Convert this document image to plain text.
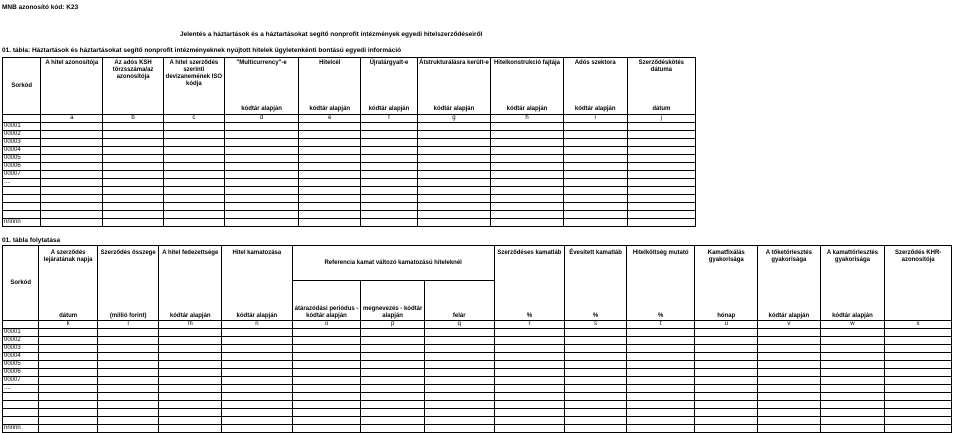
MNB azonosító kód: K23
Jelentés a háztartások és a háztartásokat segítő nonprofit intézmények egyedi hitelszerződéseiről
01. tábla: Háztartások és háztartásokat segítő nonprofit intézményeknek nyújtott hitelek ügyletenkénti bontású egyedi információ
Sorkód	A hitel azonosítója	Az adós KSH törzsszáma/az azonosítója	A hitel szerződés szerinti devizanemének ISO kódja	"Multicurrency"-e	Hitelcél	Újratárgyalt-e	Átstrukturálásra került-e	Hitelkonstrukció fajtája	Adós szektora	Szerződéskötés dátuma
				kódtár alapján	kódtár alapján	kódtár alapján	kódtár alapján	kódtár alapján	kódtár alapján	dátum
	a	b	c	d	e	f	g	h	i	j
00001										
00002										
00003										
00004										
00005										
00006										
00007										
....										

nnnnn										
01. tábla folytatása
Sorkód	A szerződés lejáratának napja	Szerződés összege	A hitel fedezettsége	Hitel kamatozása	Referencia kamat változó kamatozású hiteleknél			Szerződéses kamatláb	Évesített kamatláb	Hitelköltség mutató	Kamatfixálás gyakorisága	A tőketörlesztés gyakorisága	A kamattörlesztés gyakorisága	Szerződés KHR-azonosítója
	dátum	(millió forint)	kódtár alapján	kódtár alapján	átárazódási periódus - kódtár alapján	megnevezés - kódtár alapján	felár	%	%	%	hónap	kódtár alapján	kódtár alapján	
	k	l	m	n	o	p	q	r	s	t	u	v	w	x
00001														
00002														
00003														
00004														
00005														
00006														
00007														
....														

nnnnn														
